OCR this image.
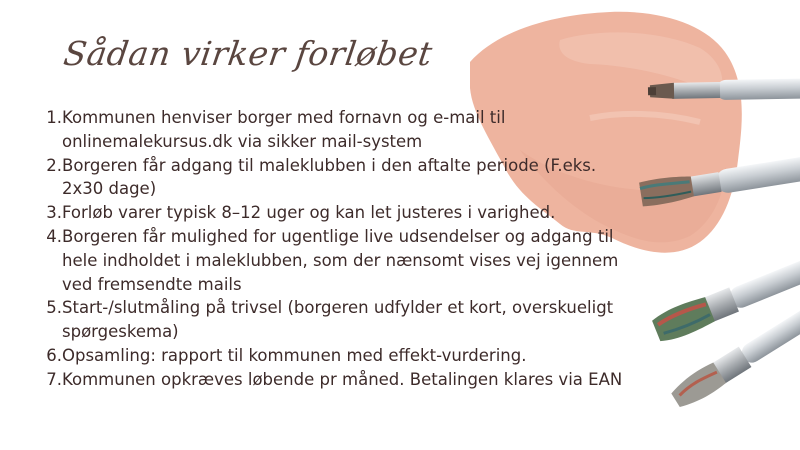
Sådan virker forløbet
1. Kommunen henviser borger med fornavn og e-mail til
onlinemalekursus.dk via sikker mail-system
2. Borgeren får adgang til maleklubben i den aftalte periode (F.eks.
2x30 dage)
3. Forløb varer typisk 8–12 uger og kan let justeres i varighed.
4. Borgeren får mulighed for ugentlige live udsendelser og adgang til
hele indholdet i maleklubben, som der nænsomt vises vej igennem
ved fremsendte mails
5. Start-/slutmåling på trivsel (borgeren udfylder et kort, overskueligt
spørgeskema)
6. Opsamling: rapport til kommunen med effekt-vurdering.
7. Kommunen opkræves løbende pr måned. Betalingen klares via EAN
